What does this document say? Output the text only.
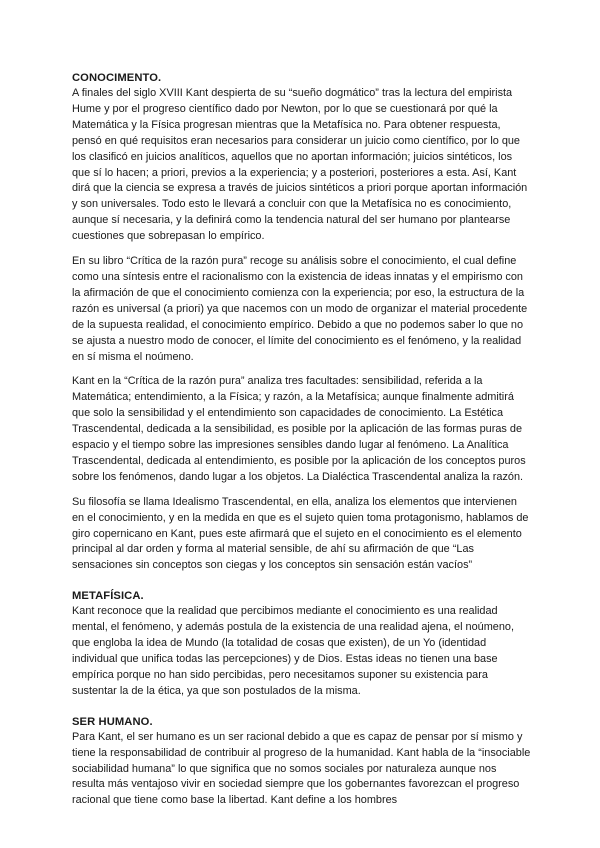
CONOCIMENTO.

A finales del siglo XVIII Kant despierta de su “sueño dogmático” tras la lectura del empirista Hume y por el progreso científico dado por Newton, por lo que se cuestionará por qué la Matemática y la Física progresan mientras que la Metafísica no. Para obtener respuesta, pensó en qué requisitos eran necesarios para considerar un juicio como científico, por lo que los clasificó en juicios analíticos, aquellos que no aportan información; juicios sintéticos, los que sí lo hacen; a priori, previos a la experiencia; y a posteriori, posteriores a esta. Así, Kant dirá que la ciencia se expresa a través de juicios sintéticos a priori porque aportan información y son universales. Todo esto le llevará a concluir con que la Metafísica no es conocimiento, aunque sí necesaria, y la definirá como la tendencia natural del ser humano por plantearse cuestiones que sobrepasan lo empírico.

En su libro “Crítica de la razón pura” recoge su análisis sobre el conocimiento, el cual define como una síntesis entre el racionalismo con la existencia de ideas innatas y el empirismo con la afirmación de que el conocimiento comienza con la experiencia; por eso, la estructura de la razón es universal (a priori) ya que nacemos con un modo de organizar el material procedente de la supuesta realidad, el conocimiento empírico. Debido a que no podemos saber lo que no se ajusta a nuestro modo de conocer, el límite del conocimiento es el fenómeno, y la realidad en sí misma el noúmeno.

Kant en la “Crítica de la razón pura” analiza tres facultades: sensibilidad, referida a la Matemática; entendimiento, a la Física; y razón, a la Metafísica; aunque finalmente admitirá que solo la sensibilidad y el entendimiento son capacidades de conocimiento. La Estética Trascendental, dedicada a la sensibilidad, es posible por la aplicación de las formas puras de espacio y el tiempo sobre las impresiones sensibles dando lugar al fenómeno. La Analítica Trascendental, dedicada al entendimiento, es posible por la aplicación de los conceptos puros sobre los fenómenos, dando lugar a los objetos. La Dialéctica Trascendental analiza la razón.

Su filosofía se llama Idealismo Trascendental, en ella, analiza los elementos que intervienen en el conocimiento, y en la medida en que es el sujeto quien toma protagonismo, hablamos de giro copernicano en Kant, pues este afirmará que el sujeto en el conocimiento es el elemento principal al dar orden y forma al material sensible, de ahí su afirmación de que “Las sensaciones sin conceptos son ciegas y los conceptos sin sensación están vacíos”

METAFÍSICA.

Kant reconoce que la realidad que percibimos mediante el conocimiento es una realidad mental, el fenómeno, y además postula de la existencia de una realidad ajena, el noúmeno, que engloba la idea de Mundo (la totalidad de cosas que existen), de un Yo (identidad individual que unifica todas las percepciones) y de Dios. Estas ideas no tienen una base empírica porque no han sido percibidas, pero necesitamos suponer su existencia para sustentar la de la ética, ya que son postulados de la misma.

SER HUMANO.

Para Kant, el ser humano es un ser racional debido a que es capaz de pensar por sí mismo y tiene la responsabilidad de contribuir al progreso de la humanidad. Kant habla de la “insociable sociabilidad humana” lo que significa que no somos sociales por naturaleza aunque nos resulta más ventajoso vivir en sociedad siempre que los gobernantes favorezcan el progreso racional que tiene como base la libertad. Kant define a los hombres
